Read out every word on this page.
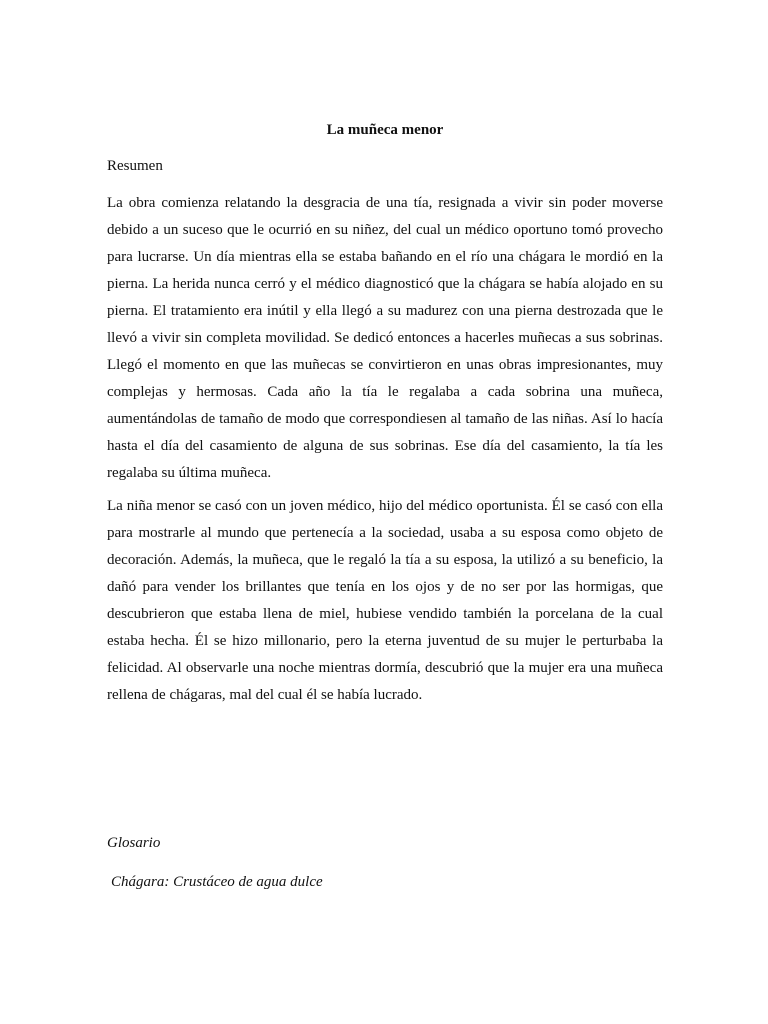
La muñeca menor

Resumen

La obra comienza relatando la desgracia de una tía, resignada a vivir sin poder moverse debido a un suceso que le ocurrió en su niñez, del cual un médico oportuno tomó provecho para lucrarse. Un día mientras ella se estaba bañando en el río una chágara le mordió en la pierna. La herida nunca cerró y el médico diagnosticó que la chágara se había alojado en su pierna. El tratamiento era inútil y ella llegó a su madurez con una pierna destrozada que le llevó a vivir sin completa movilidad. Se dedicó entonces a hacerles muñecas a sus sobrinas. Llegó el momento en que las muñecas se convirtieron en unas obras impresionantes, muy complejas y hermosas. Cada año la tía le regalaba a cada sobrina una muñeca, aumentándolas de tamaño de modo que correspondiesen al tamaño de las niñas. Así lo hacía hasta el día del casamiento de alguna de sus sobrinas. Ese día del casamiento, la tía les regalaba su última muñeca.

La niña menor se casó con un joven médico, hijo del médico oportunista. Él se casó con ella para mostrarle al mundo que pertenecía a la sociedad, usaba a su esposa como objeto de decoración. Además, la muñeca, que le regaló la tía a su esposa, la utilizó a su beneficio, la dañó para vender los brillantes que tenía en los ojos y de no ser por las hormigas, que descubrieron que estaba llena de miel, hubiese vendido también la porcelana de la cual estaba hecha. Él se hizo millonario, pero la eterna juventud de su mujer le perturbaba la felicidad. Al observarle una noche mientras dormía, descubrió que la mujer era una muñeca rellena de chágaras, mal del cual él se había lucrado.

Glosario

Chágara: Crustáceo de agua dulce
